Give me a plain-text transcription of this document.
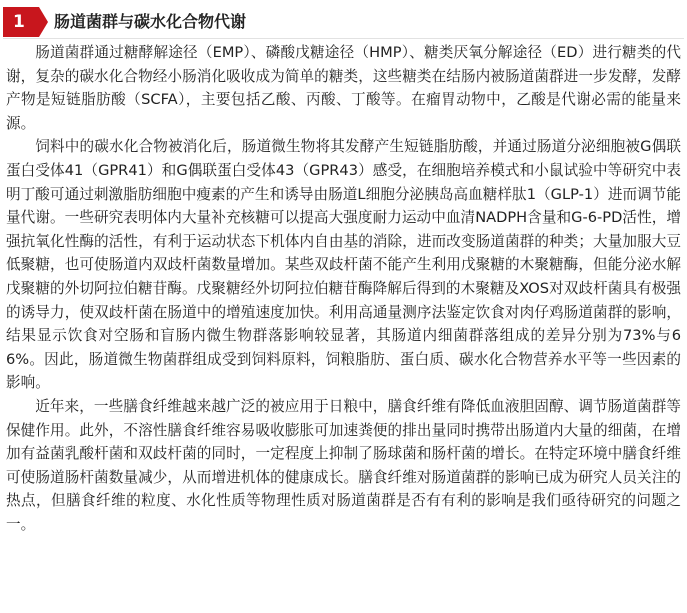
1	肠道菌群与碳水化合物代谢

肠道菌群通过糖酵解途径（EMP）、磷酸戊糖途径（HMP）、糖类厌氧分解途径（ED）进行糖类的代谢，复杂的碳水化合物经小肠消化吸收成为简单的糖类，这些糖类在结肠内被肠道菌群进一步发酵，发酵产物是短链脂肪酸（SCFA），主要包括乙酸、丙酸、丁酸等。在瘤胃动物中，乙酸是代谢必需的能量来源。

饲料中的碳水化合物被消化后，肠道微生物将其发酵产生短链脂肪酸，并通过肠道分泌细胞被G偶联蛋白受体41（GPR41）和G偶联蛋白受体43（GPR43）感受，在细胞培养模式和小鼠试验中等研究中表明丁酸可通过刺激脂肪细胞中瘦素的产生和诱导由肠道L细胞分泌胰岛高血糖样肽1（GLP-1）进而调节能量代谢。一些研究表明体内大量补充核糖可以提高大强度耐力运动中血清NADPH含量和G-6-PD活性，增强抗氧化性酶的活性，有利于运动状态下机体内自由基的消除，进而改变肠道菌群的种类；大量加服大豆低聚糖，也可使肠道内双歧杆菌数量增加。某些双歧杆菌不能产生利用戊聚糖的木聚糖酶，但能分泌水解戊聚糖的外切阿拉伯糖苷酶。戊聚糖经外切阿拉伯糖苷酶降解后得到的木聚糖及XOS对双歧杆菌具有极强的诱导力，使双歧杆菌在肠道中的增殖速度加快。利用高通量测序法鉴定饮食对肉仔鸡肠道菌群的影响，结果显示饮食对空肠和盲肠内微生物群落影响较显著，其肠道内细菌群落组成的差异分别为73%与66%。因此，肠道微生物菌群组成受到饲料原料，饲粮脂肪、蛋白质、碳水化合物营养水平等一些因素的影响。

近年来，一些膳食纤维越来越广泛的被应用于日粮中，膳食纤维有降低血液胆固醇、调节肠道菌群等保健作用。此外，不溶性膳食纤维容易吸收膨胀可加速粪便的排出量同时携带出肠道内大量的细菌，在增加有益菌乳酸杆菌和双歧杆菌的同时，一定程度上抑制了肠球菌和肠杆菌的增长。在特定环境中膳食纤维可使肠道肠杆菌数量减少，从而增进机体的健康成长。膳食纤维对肠道菌群的影响已成为研究人员关注的热点，但膳食纤维的粒度、水化性质等物理性质对肠道菌群是否有有利的影响是我们亟待研究的问题之一。
